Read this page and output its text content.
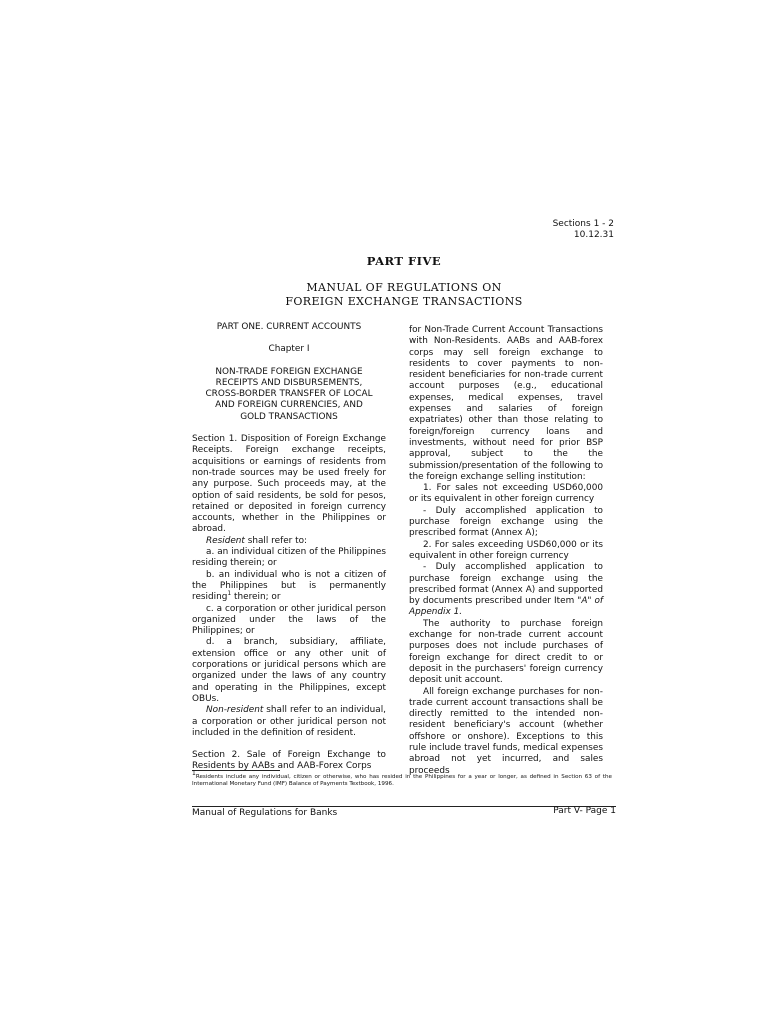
Sections 1 - 2
10.12.31
PART FIVE
MANUAL OF REGULATIONS ON
FOREIGN EXCHANGE TRANSACTIONS

PART ONE. CURRENT ACCOUNTS

Chapter I

NON-TRADE FOREIGN EXCHANGE
RECEIPTS AND DISBURSEMENTS,
CROSS-BORDER TRANSFER OF LOCAL
AND FOREIGN CURRENCIES, AND
GOLD TRANSACTIONS

Section 1. Disposition of Foreign Exchange Receipts. Foreign exchange receipts, acquisitions or earnings of residents from non-trade sources may be used freely for any purpose. Such proceeds may, at the option of said residents, be sold for pesos, retained or deposited in foreign currency accounts, whether in the Philippines or abroad.

Resident shall refer to:

a. an individual citizen of the Philippines residing therein; or

b. an individual who is not a citizen of the Philippines but is permanently residing$^1$ therein; or

c. a corporation or other juridical person organized under the laws of the Philippines; or

d. a branch, subsidiary, affiliate, extension office or any other unit of corporations or juridical persons which are organized under the laws of any country and operating in the Philippines, except OBUs.

Non-resident shall refer to an individual, a corporation or other juridical person not included in the definition of resident.

Section 2. Sale of Foreign Exchange to Residents by AABs and AAB-Forex Corps

for Non-Trade Current Account Transactions with Non-Residents. AABs and AAB-forex corps may sell foreign exchange to residents to cover payments to non-resident beneficiaries for non-trade current account purposes (e.g., educational expenses, medical expenses, travel expenses and salaries of foreign expatriates) other than those relating to foreign/foreign currency loans and investments, without need for prior BSP approval, subject to the the submission/presentation of the following to the foreign exchange selling institution:

1. For sales not exceeding USD60,000 or its equivalent in other foreign currency

- Duly accomplished application to purchase foreign exchange using the prescribed format (Annex A);

2. For sales exceeding USD60,000 or its equivalent in other foreign currency

- Duly accomplished application to purchase foreign exchange using the prescribed format (Annex A) and supported by documents prescribed under Item "A" of Appendix 1.

The authority to purchase foreign exchange for non-trade current account purposes does not include purchases of foreign exchange for direct credit to or deposit in the purchasers' foreign currency deposit unit account.

All foreign exchange purchases for non-trade current account transactions shall be directly remitted to the intended non-resident beneficiary's account (whether offshore or onshore). Exceptions to this rule include travel funds, medical expenses abroad not yet incurred, and sales proceeds

$^1$Residents include any individual, citizen or otherwise, who has resided in the Philippines for a year or longer, as defined in Section 63 of the International Monetary Fund (IMF) Balance of Payments Textbook, 1996.
Manual of Regulations for Banks	Part V- Page 1
